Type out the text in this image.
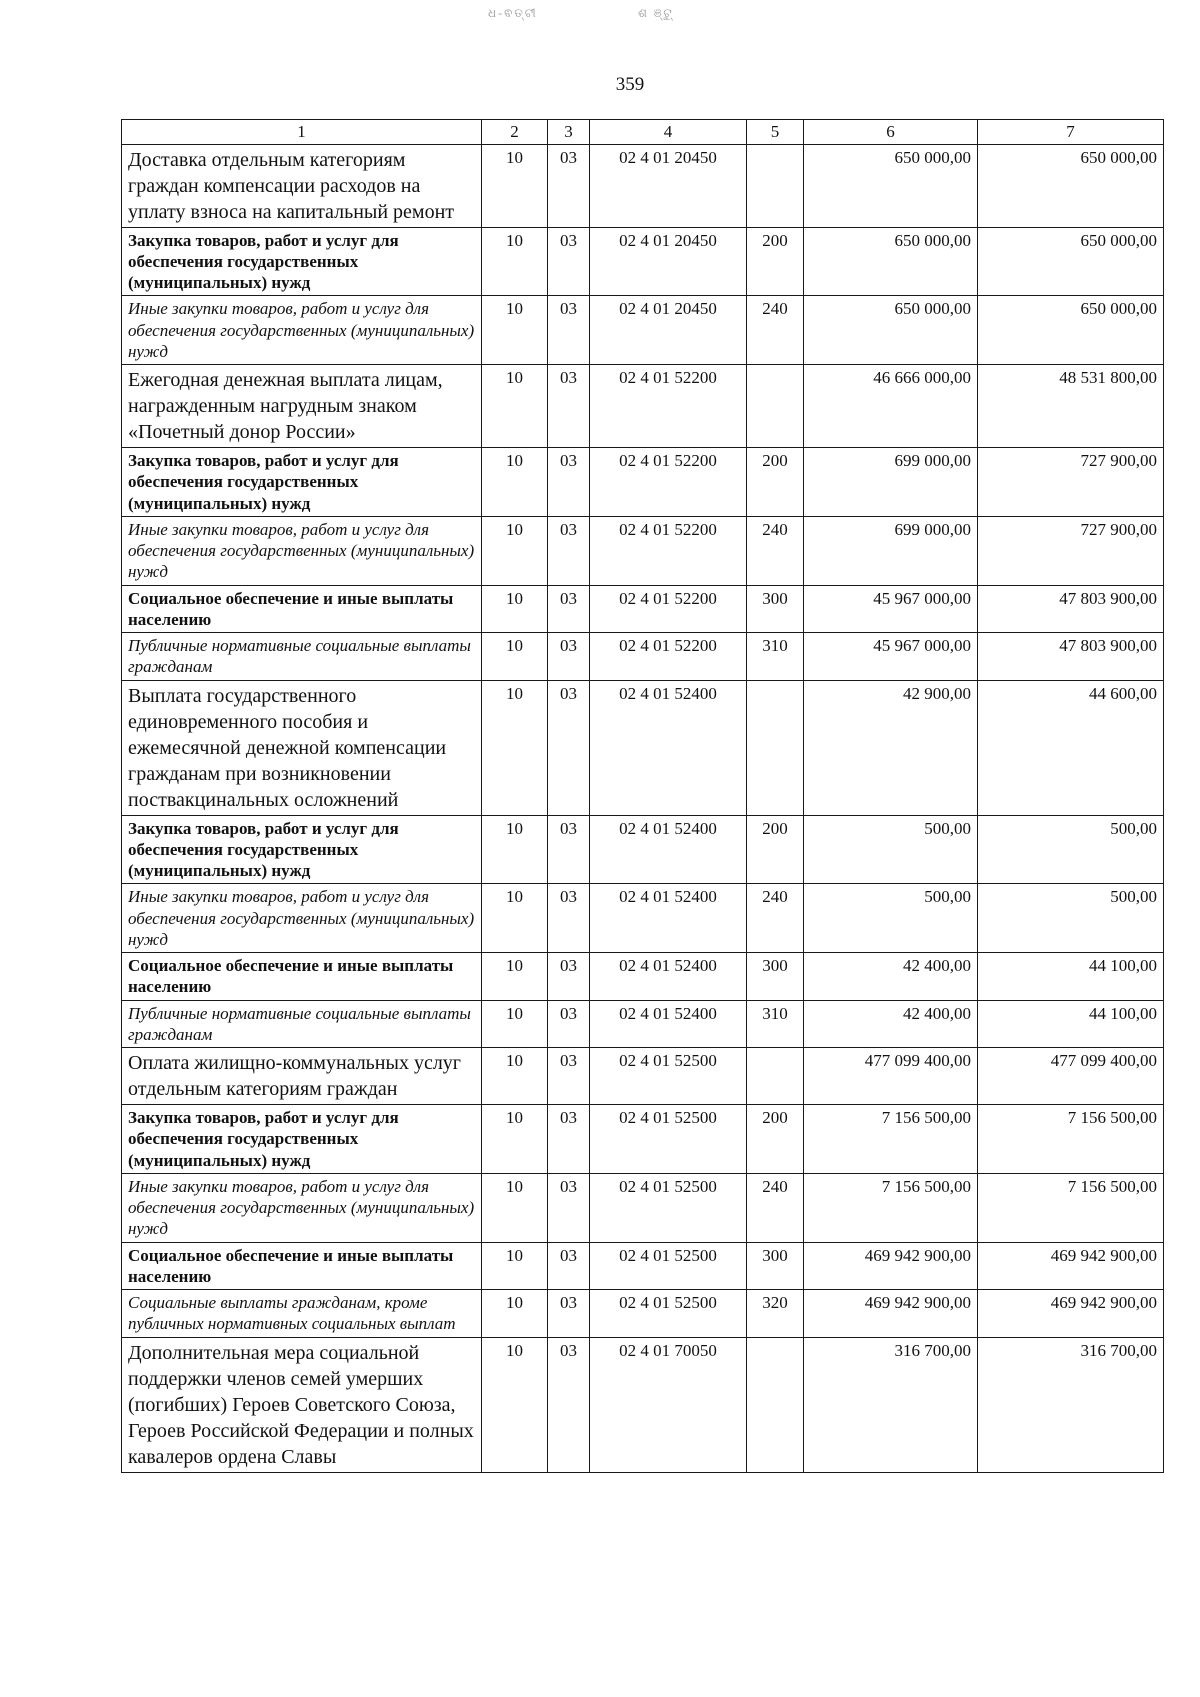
ଧ‐ଵତ୍ଟୀ	ଶ ଞ୍ଟୁ୍
359
1	2	3	4	5	6	7
Доставка отдельным категориям граждан компенсации расходов на уплату взноса на капитальный ремонт	10	03	02 4 01 20450		650 000,00	650 000,00
Закупка товаров, работ и услуг для обеспечения государственных (муниципальных) нужд	10	03	02 4 01 20450	200	650 000,00	650 000,00
Иные закупки товаров, работ и услуг для обеспечения государственных (муниципальных) нужд	10	03	02 4 01 20450	240	650 000,00	650 000,00
Ежегодная денежная выплата лицам, награжденным нагрудным знаком «Почетный донор России»	10	03	02 4 01 52200		46 666 000,00	48 531 800,00
Закупка товаров, работ и услуг для обеспечения государственных (муниципальных) нужд	10	03	02 4 01 52200	200	699 000,00	727 900,00
Иные закупки товаров, работ и услуг для обеспечения государственных (муниципальных) нужд	10	03	02 4 01 52200	240	699 000,00	727 900,00
Социальное обеспечение и иные выплаты населению	10	03	02 4 01 52200	300	45 967 000,00	47 803 900,00
Публичные нормативные социальные выплаты гражданам	10	03	02 4 01 52200	310	45 967 000,00	47 803 900,00
Выплата государственного единовременного пособия и ежемесячной денежной компенсации гражданам при возникновении поствакцинальных осложнений	10	03	02 4 01 52400		42 900,00	44 600,00
Закупка товаров, работ и услуг для обеспечения государственных (муниципальных) нужд	10	03	02 4 01 52400	200	500,00	500,00
Иные закупки товаров, работ и услуг для обеспечения государственных (муниципальных) нужд	10	03	02 4 01 52400	240	500,00	500,00
Социальное обеспечение и иные выплаты населению	10	03	02 4 01 52400	300	42 400,00	44 100,00
Публичные нормативные социальные выплаты гражданам	10	03	02 4 01 52400	310	42 400,00	44 100,00
Оплата жилищно-коммунальных услуг отдельным категориям граждан	10	03	02 4 01 52500		477 099 400,00	477 099 400,00
Закупка товаров, работ и услуг для обеспечения государственных (муниципальных) нужд	10	03	02 4 01 52500	200	7 156 500,00	7 156 500,00
Иные закупки товаров, работ и услуг для обеспечения государственных (муниципальных) нужд	10	03	02 4 01 52500	240	7 156 500,00	7 156 500,00
Социальное обеспечение и иные выплаты населению	10	03	02 4 01 52500	300	469 942 900,00	469 942 900,00
Социальные выплаты гражданам, кроме публичных нормативных социальных выплат	10	03	02 4 01 52500	320	469 942 900,00	469 942 900,00
Дополнительная мера социальной поддержки членов семей умерших (погибших) Героев Советского Союза, Героев Российской Федерации и полных кавалеров ордена Славы	10	03	02 4 01 70050		316 700,00	316 700,00
